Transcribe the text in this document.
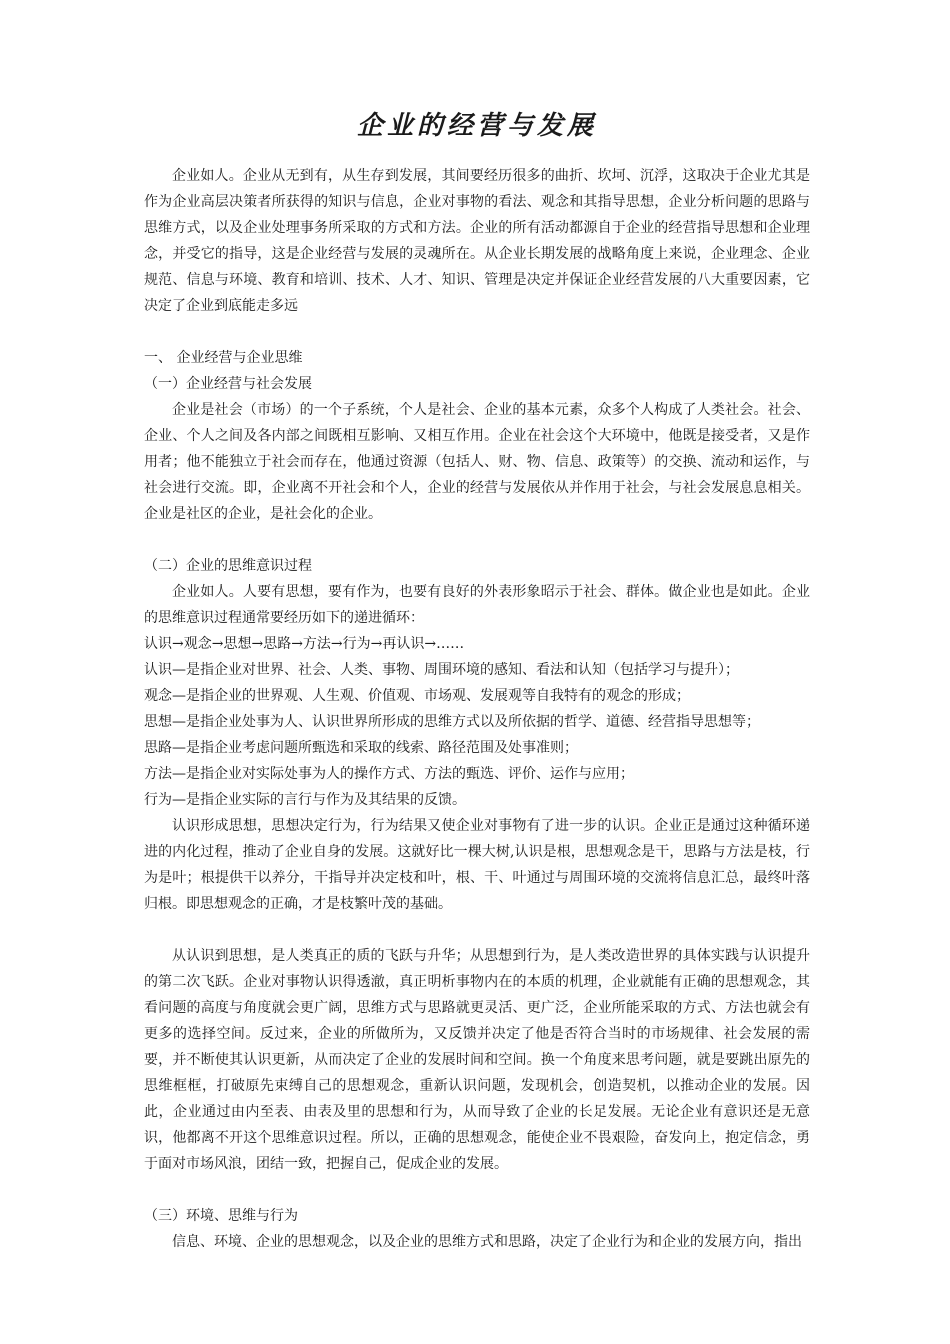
企业的经营与发展

企业如人。企业从无到有，从生存到发展，其间要经历很多的曲折、坎坷、沉浮，这取决于企业尤其是作为企业高层决策者所获得的知识与信息，企业对事物的看法、观念和其指导思想，企业分析问题的思路与思维方式，以及企业处理事务所采取的方式和方法。企业的所有活动都源自于企业的经营指导思想和企业理念，并受它的指导，这是企业经营与发展的灵魂所在。从企业长期发展的战略角度上来说，企业理念、企业规范、信息与环境、教育和培训、技术、人才、知识、管理是决定并保证企业经营发展的八大重要因素，它决定了企业到底能走多远

一、 企业经营与企业思维

（一）企业经营与社会发展

企业是社会（市场）的一个子系统，个人是社会、企业的基本元素，众多个人构成了人类社会。社会、企业、个人之间及各内部之间既相互影响、又相互作用。企业在社会这个大环境中，他既是接受者，又是作用者；他不能独立于社会而存在，他通过资源（包括人、财、物、信息、政策等）的交换、流动和运作，与社会进行交流。即，企业离不开社会和个人，企业的经营与发展依从并作用于社会，与社会发展息息相关。企业是社区的企业，是社会化的企业。

（二）企业的思维意识过程

企业如人。人要有思想，要有作为，也要有良好的外表形象昭示于社会、群体。做企业也是如此。企业的思维意识过程通常要经历如下的递进循环：

认识→观念→思想→思路→方法→行为→再认识→……

认识—是指企业对世界、社会、人类、事物、周围环境的感知、看法和认知（包括学习与提升）；

观念—是指企业的世界观、人生观、价值观、市场观、发展观等自我特有的观念的形成；

思想—是指企业处事为人、认识世界所形成的思维方式以及所依据的哲学、道德、经营指导思想等；

思路—是指企业考虑问题所甄选和采取的线索、路径范围及处事准则；

方法—是指企业对实际处事为人的操作方式、方法的甄选、评价、运作与应用；

行为—是指企业实际的言行与作为及其结果的反馈。

认识形成思想，思想决定行为，行为结果又使企业对事物有了进一步的认识。企业正是通过这种循环递进的内化过程，推动了企业自身的发展。这就好比一棵大树,认识是根，思想观念是干，思路与方法是枝，行为是叶；根提供干以养分，干指导并决定枝和叶，根、干、叶通过与周围环境的交流将信息汇总，最终叶落归根。即思想观念的正确，才是枝繁叶茂的基础。

从认识到思想，是人类真正的质的飞跃与升华；从思想到行为，是人类改造世界的具体实践与认识提升的第二次飞跃。企业对事物认识得透澈，真正明析事物内在的本质的机理，企业就能有正确的思想观念，其看问题的高度与角度就会更广阔，思维方式与思路就更灵活、更广泛，企业所能采取的方式、方法也就会有更多的选择空间。反过来，企业的所做所为，又反馈并决定了他是否符合当时的市场规律、社会发展的需要，并不断使其认识更新，从而决定了企业的发展时间和空间。换一个角度来思考问题，就是要跳出原先的思维框框，打破原先束缚自己的思想观念，重新认识问题，发现机会，创造契机，以推动企业的发展。因此，企业通过由内至表、由表及里的思想和行为，从而导致了企业的长足发展。无论企业有意识还是无意识，他都离不开这个思维意识过程。所以，正确的思想观念，能使企业不畏艰险，奋发向上，抱定信念，勇于面对市场风浪，团结一致，把握自己，促成企业的发展。

（三）环境、思维与行为

信息、环境、企业的思想观念，以及企业的思维方式和思路，决定了企业行为和企业的发展方向，指出
